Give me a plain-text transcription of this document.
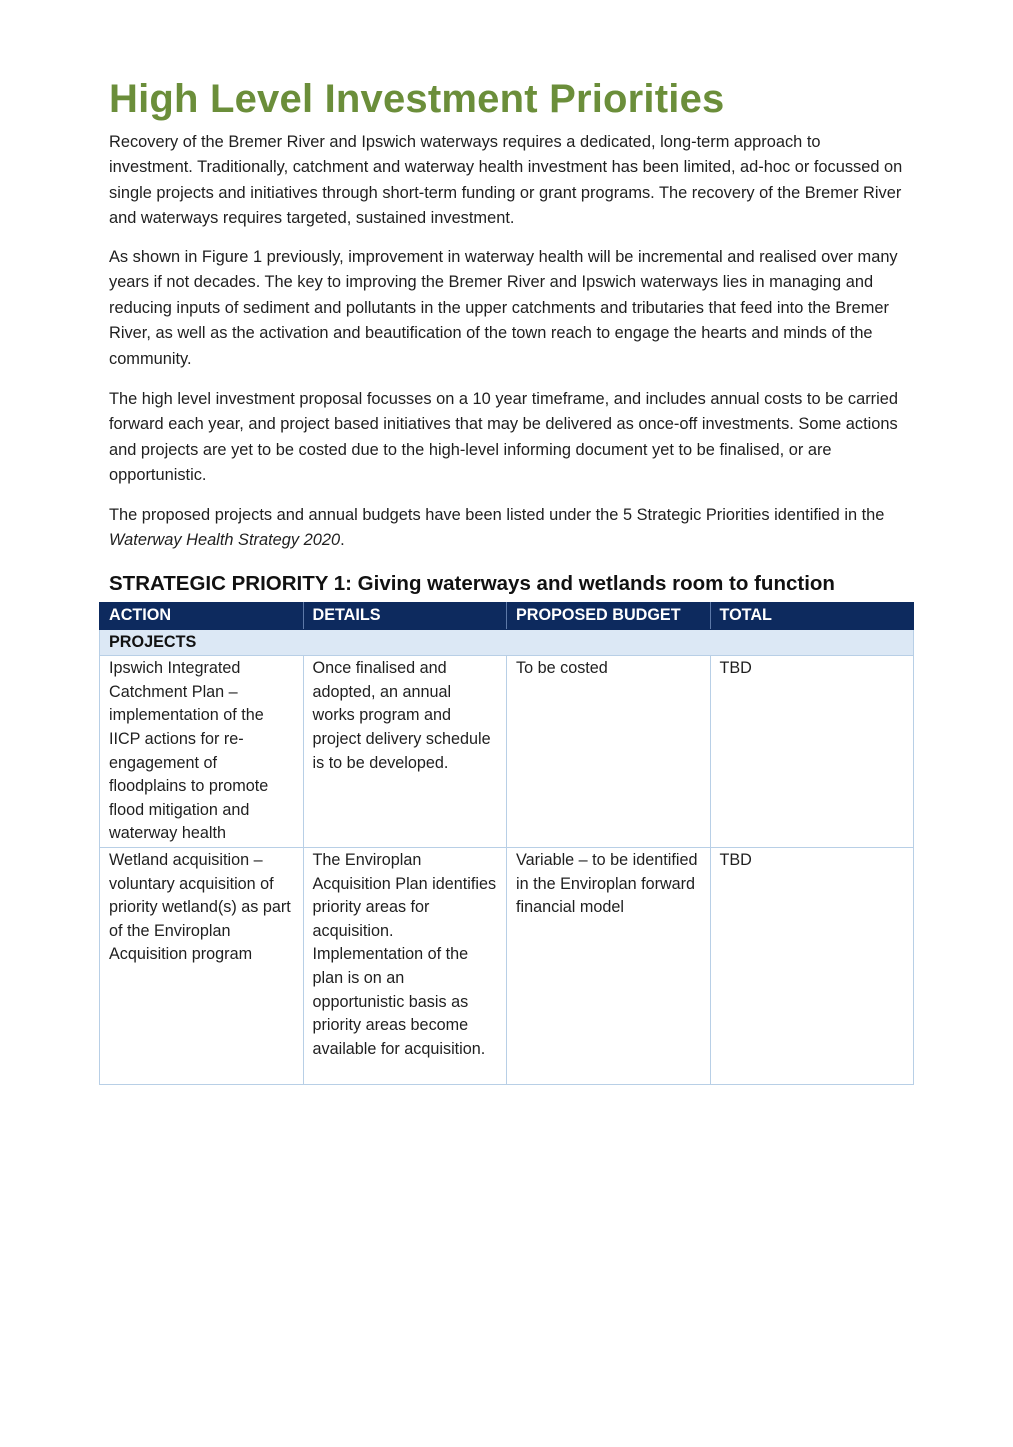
High Level Investment Priorities

Recovery of the Bremer River and Ipswich waterways requires a dedicated, long-term approach to investment. Traditionally, catchment and waterway health investment has been limited, ad-hoc or focussed on single projects and initiatives through short-term funding or grant programs. The recovery of the Bremer River and waterways requires targeted, sustained investment.

As shown in Figure 1 previously, improvement in waterway health will be incremental and realised over many years if not decades. The key to improving the Bremer River and Ipswich waterways lies in managing and reducing inputs of sediment and pollutants in the upper catchments and tributaries that feed into the Bremer River, as well as the activation and beautification of the town reach to engage the hearts and minds of the community.

The high level investment proposal focusses on a 10 year timeframe, and includes annual costs to be carried forward each year, and project based initiatives that may be delivered as once-off investments. Some actions and projects are yet to be costed due to the high-level informing document yet to be finalised, or are opportunistic.

The proposed projects and annual budgets have been listed under the 5 Strategic Priorities identified in the Waterway Health Strategy 2020.

STRATEGIC PRIORITY 1: Giving waterways and wetlands room to function
ACTION	DETAILS	PROPOSED BUDGET	TOTAL
PROJECTS			
Ipswich Integrated Catchment Plan – implementation of the IICP actions for re-engagement of floodplains to promote flood mitigation and waterway health	Once finalised and adopted, an annual works program and project delivery schedule is to be developed.	To be costed	TBD
Wetland acquisition – voluntary acquisition of priority wetland(s) as part of the Enviroplan Acquisition program	The Enviroplan Acquisition Plan identifies priority areas for acquisition. Implementation of the plan is on an opportunistic basis as priority areas become available for acquisition.	Variable – to be identified in the Enviroplan forward financial model	TBD
